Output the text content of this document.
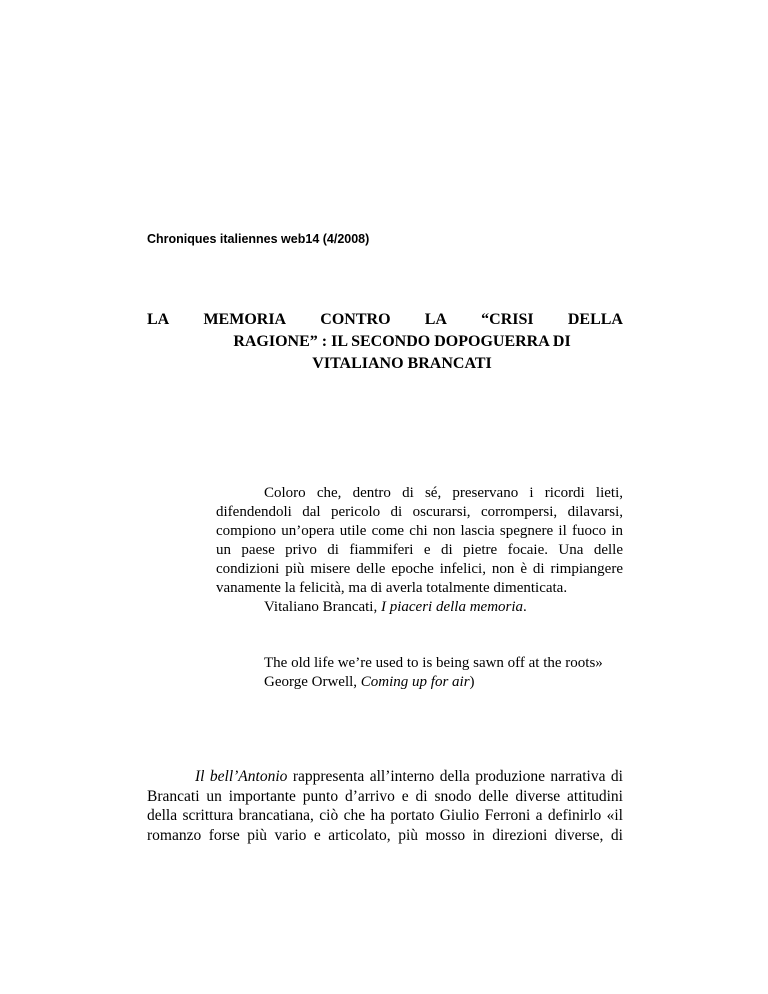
Chroniques italiennes web14 (4/2008)
LA MEMORIA CONTRO LA “CRISI DELLA
RAGIONE” : IL SECONDO DOPOGUERRA DI
VITALIANO BRANCATI

Coloro che, dentro di sé, preservano i ricordi lieti, difendendoli dal pericolo di oscurarsi, corrompersi, dilavarsi, compiono un’opera utile come chi non lascia spegnere il fuoco in un paese privo di fiammiferi e di pietre focaie. Una delle condizioni più misere delle epoche infelici, non è di rimpiangere vanamente la felicità, ma di averla totalmente dimenticata.

Vitaliano Brancati, I piaceri della memoria.
The old life we’re used to is being sawn off at the roots»
George Orwell, Coming up for air)

Il bell’Antonio rappresenta all’interno della produzione narrativa di Brancati un importante punto d’arrivo e di snodo delle diverse attitudini della scrittura brancatiana, ciò che ha portato Giulio Ferroni a definirlo «il romanzo forse più vario e articolato, più mosso in direzioni diverse, di
